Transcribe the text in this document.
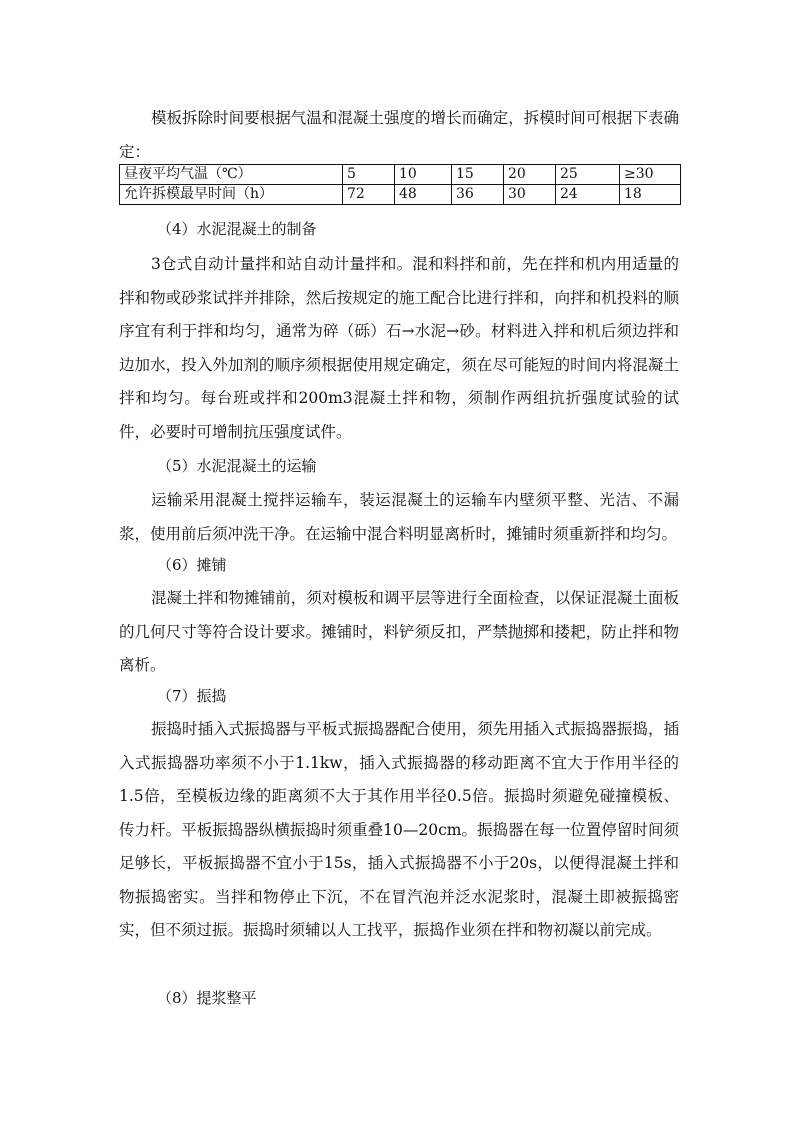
模板拆除时间要根据气温和混凝土强度的增长而确定，拆模时间可根据下表确定：

昼夜平均气温（℃）	5	10	15	20	25	≥30
允许拆模最早时间（h）	72	48	36	30	24	18
（4）水泥混凝土的制备

3仓式自动计量拌和站自动计量拌和。混和料拌和前，先在拌和机内用适量的拌和物或砂浆试拌并排除，然后按规定的施工配合比进行拌和，向拌和机投料的顺序宜有利于拌和均匀，通常为碎（砾）石→水泥→砂。材料进入拌和机后须边拌和边加水，投入外加剂的顺序须根据使用规定确定，须在尽可能短的时间内将混凝土拌和均匀。每台班或拌和200m3混凝土拌和物，须制作两组抗折强度试验的试件，必要时可增制抗压强度试件。

（5）水泥混凝土的运输

运输采用混凝土搅拌运输车，装运混凝土的运输车内壁须平整、光洁、不漏浆，使用前后须冲洗干净。在运输中混合料明显离析时，摊铺时须重新拌和均匀。

（6）摊铺

混凝土拌和物摊铺前，须对模板和调平层等进行全面检查，以保证混凝土面板的几何尺寸等符合设计要求。摊铺时，料铲须反扣，严禁抛掷和搂耙，防止拌和物离析。

（7）振捣

振捣时插入式振捣器与平板式振捣器配合使用，须先用插入式振捣器振捣，插入式振捣器功率须不小于1.1kw，插入式振捣器的移动距离不宜大于作用半径的1.5倍，至模板边缘的距离须不大于其作用半径0.5倍。振捣时须避免碰撞模板、传力杆。平板振捣器纵横振捣时须重叠10—20cm。振捣器在每一位置停留时间须足够长，平板振捣器不宜小于15s，插入式振捣器不小于20s，以便得混凝土拌和物振捣密实。当拌和物停止下沉，不在冒汽泡并泛水泥浆时，混凝土即被振捣密实，但不须过振。振捣时须辅以人工找平，振捣作业须在拌和物初凝以前完成。

（8）提浆整平
